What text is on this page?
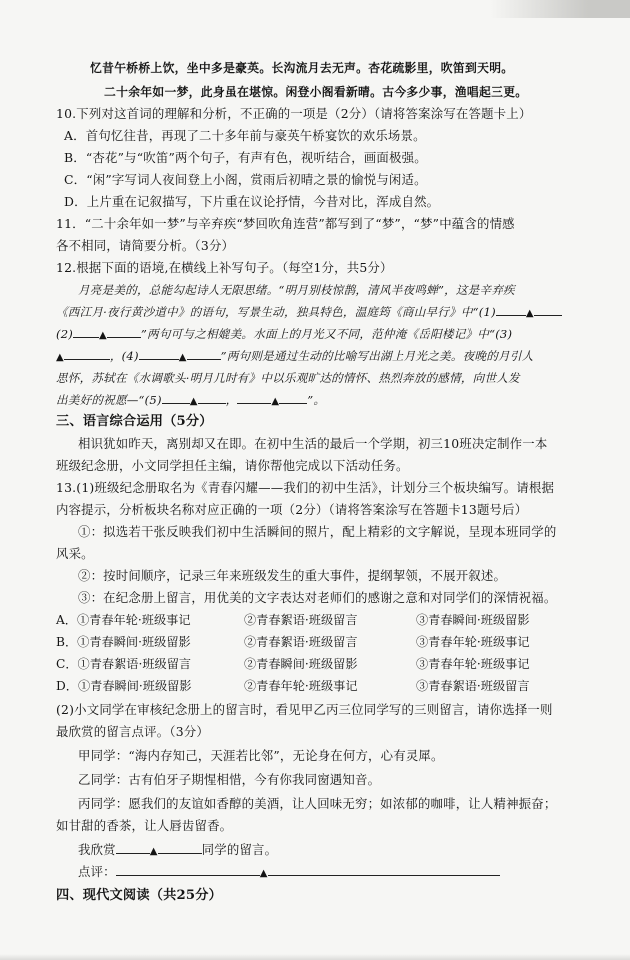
忆昔午桥桥上饮，坐中多是豪英。长沟流月去无声。杏花疏影里，吹笛到天明。
二十余年如一梦，此身虽在堪惊。闲登小阁看新晴。古今多少事，渔唱起三更。
10.下列对这首词的理解和分析，不正确的一项是（2分）（请将答案涂写在答题卡上）
A．首句忆往昔，再现了二十多年前与豪英午桥宴饮的欢乐场景。
B．“杏花”与“吹笛”两个句子，有声有色，视听结合，画面极强。
C．“闲”字写词人夜间登上小阁，赏雨后初晴之景的愉悦与闲适。
D．上片重在记叙描写，下片重在议论抒情，今昔对比，浑成自然。
11．“二十余年如一梦”与辛弃疾“梦回吹角连营”都写到了“梦”，“梦”中蕴含的情感
各不相同，请简要分析。（3分）
12.根据下面的语境,在横线上补写句子。（每空1分，共5分）
月亮是美的，总能勾起诗人无限思绪。“明月别枝惊鹊，清风半夜鸣蝉”，这是辛弃疾
《西江月·夜行黄沙道中》的语句，写景生动，独具特色，温庭筠《商山早行》中“(1)	▲
(2)	▲	”两句可与之相媲美。水面上的月光又不同，范仲淹《岳阳楼记》中“(3)
▲	，(4)	▲	”两句则是通过生动的比喻写出湖上月光之美。夜晚的月引人
思怀，苏轼在《水调歌头·明月几时有》中以乐观旷达的情怀、热烈奔放的感情，向世人发
出美好的祝愿—“(5)	▲ ，	▲ ”。
三、语言综合运用（5分）
相识犹如昨天，离别却又在即。在初中生活的最后一个学期，初三10班决定制作一本
班级纪念册，小文同学担任主编，请你帮他完成以下活动任务。
13.(1)班级纪念册取名为《青春闪耀——我们的初中生活》，计划分三个板块编写。请根据
内容提示，分析板块名称对应正确的一项（2分）（请将答案涂写在答题卡13题号后）
①：拟选若干张反映我们初中生活瞬间的照片，配上精彩的文字解说，呈现本班同学的
风采。
②：按时间顺序，记录三年来班级发生的重大事件，提纲挈领，不展开叙述。
③：在纪念册上留言，用优美的文字表达对老师们的感谢之意和对同学们的深情祝福。
A．①青春年轮·班级事记	②青春絮语·班级留言	③青春瞬间·班级留影
B．①青春瞬间·班级留影	②青春絮语·班级留言	③青春年轮·班级事记
C．①青春絮语·班级留言	②青春瞬间·班级留影	③青春年轮·班级事记
D．①青春瞬间·班级留影	②青春年轮·班级事记	③青春絮语·班级留言
(2)小文同学在审核纪念册上的留言时，看见甲乙丙三位同学写的三则留言，请你选择一则
最欣赏的留言点评。（3分）
甲同学：“海内存知己，天涯若比邻”，无论身在何方，心有灵犀。
乙同学：古有伯牙子期惺相惜，今有你我同窗遇知音。
丙同学：愿我们的友谊如香醇的美酒，让人回味无穷；如浓郁的咖啡，让人精神振奋；
如甘甜的香茶，让人唇齿留香。
我欣赏	▲	同学的留言。
点评：	▲
四、现代文阅读（共25分）
